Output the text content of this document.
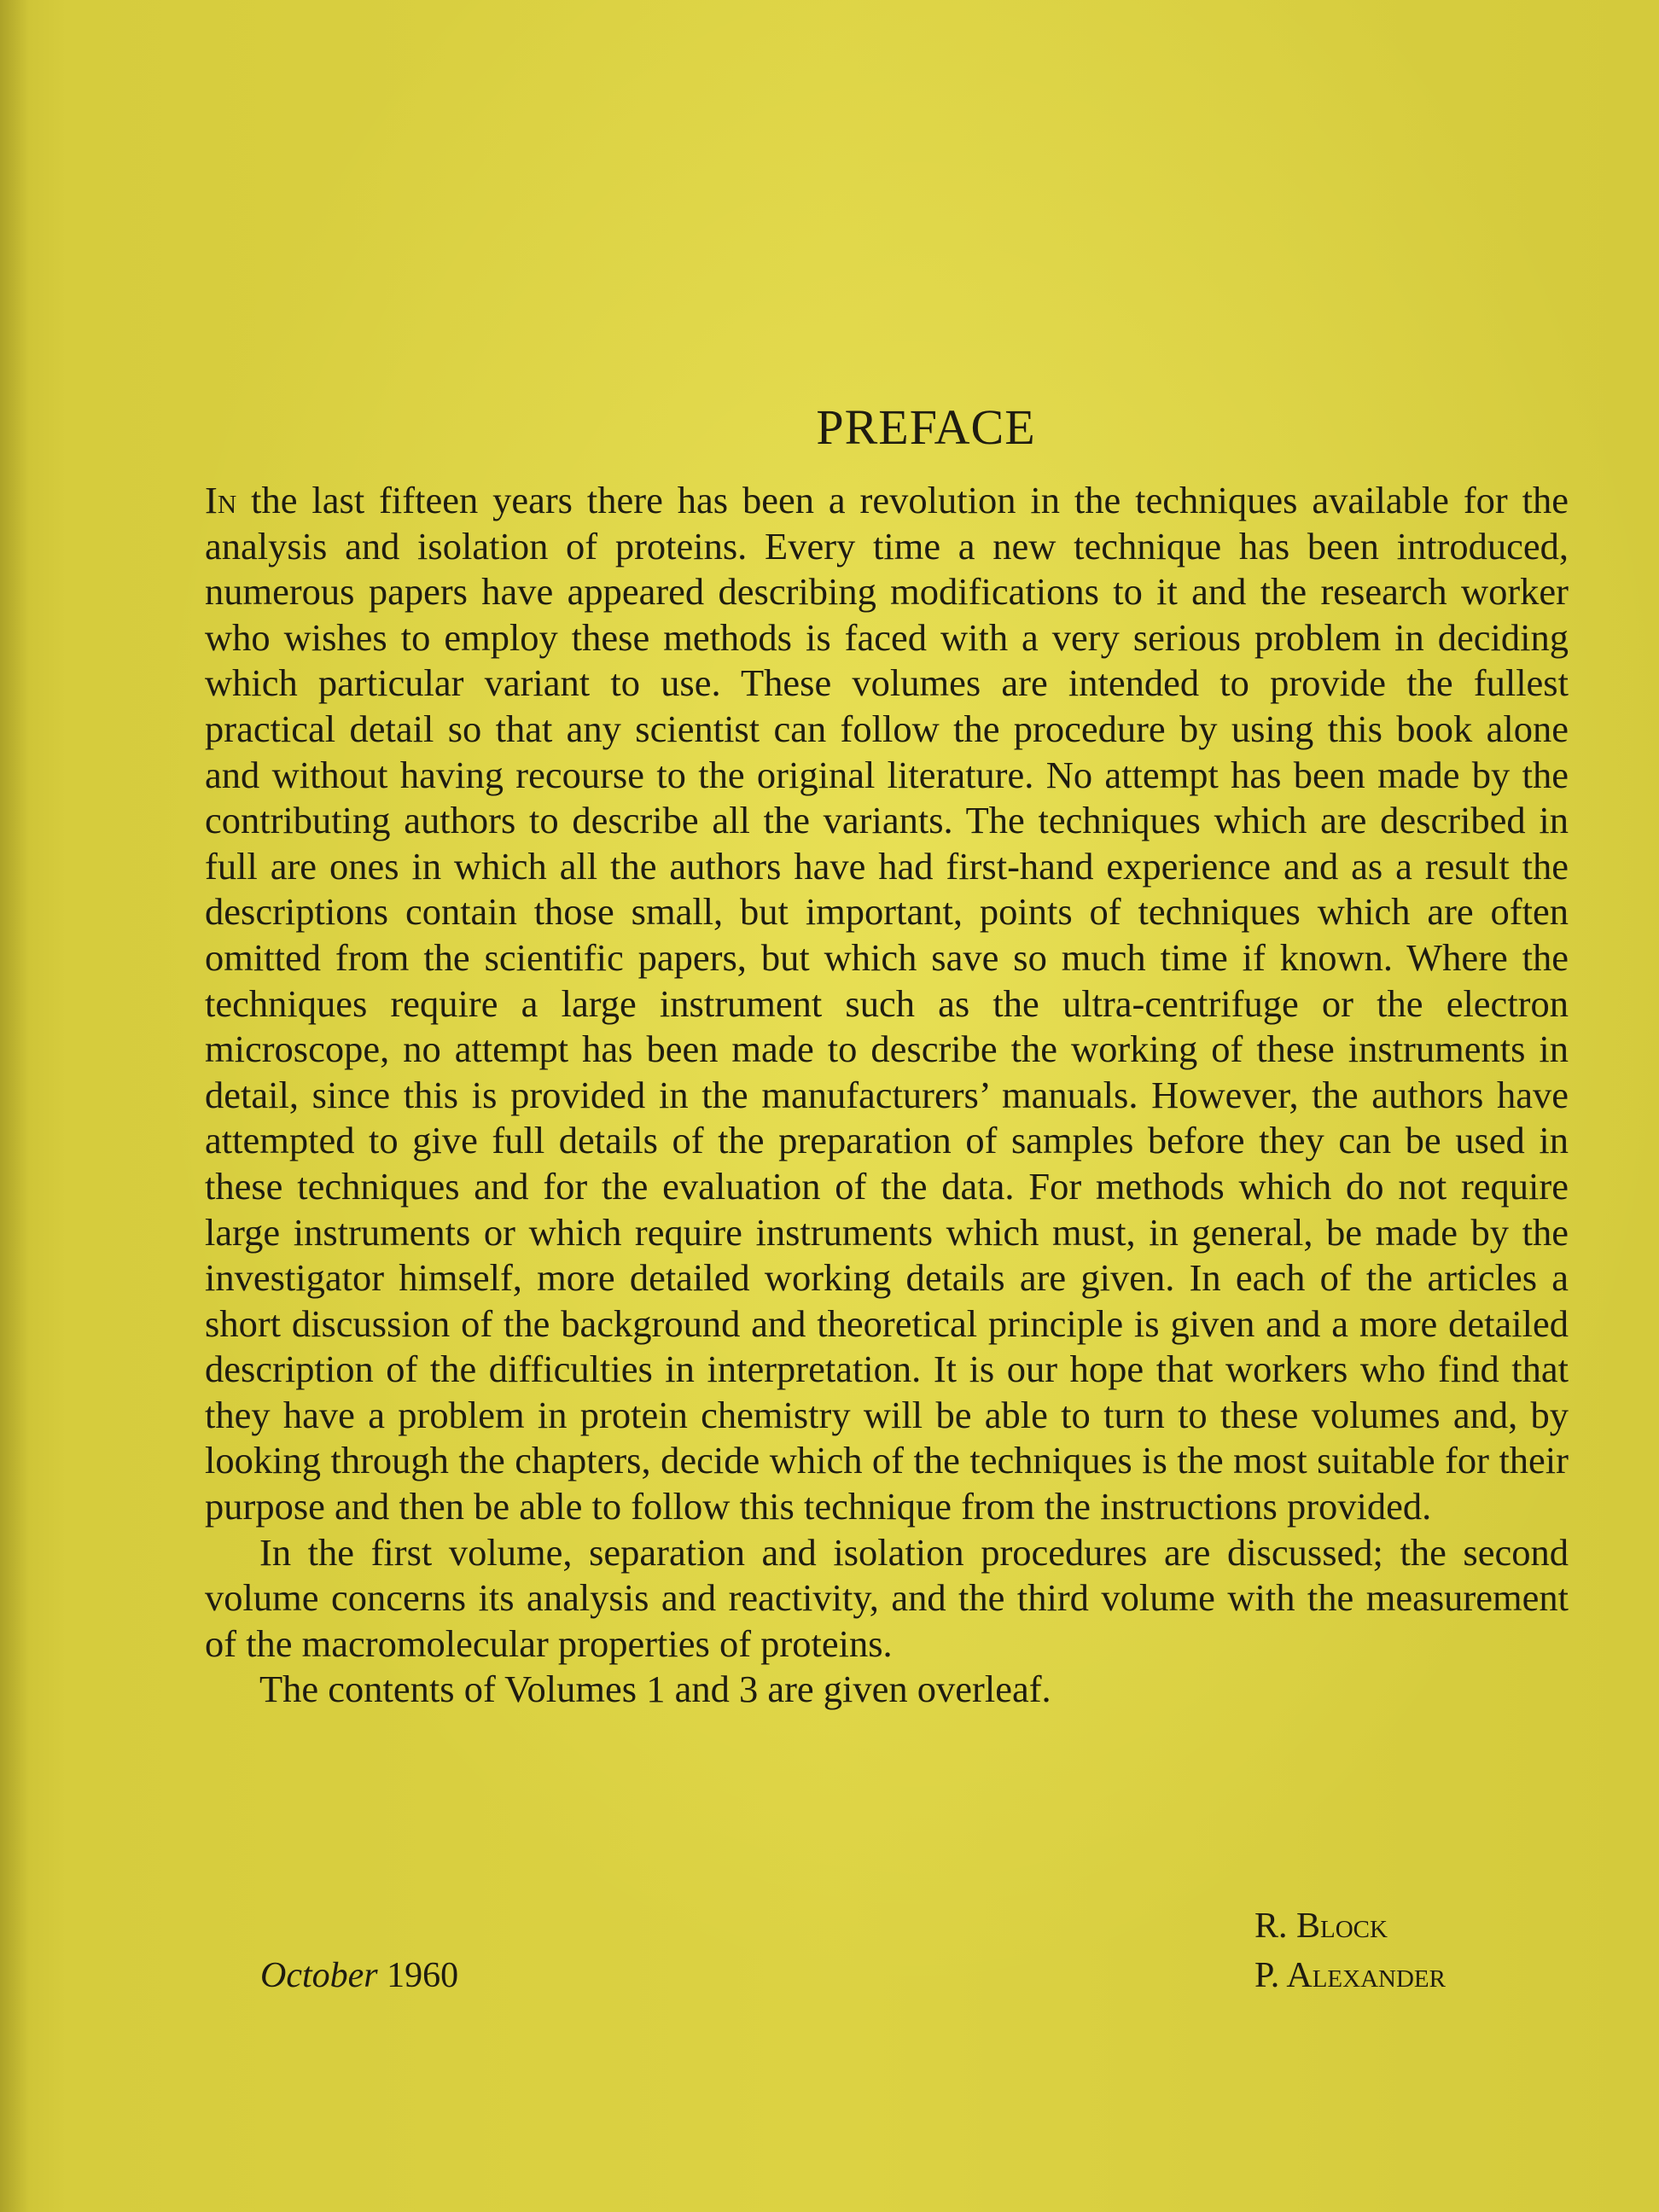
PREFACE

In the last fifteen years there has been a revolution in the techniques available for the analysis and isolation of proteins. Every time a new technique has been introduced, numerous papers have appeared describing modifications to it and the research worker who wishes to employ these methods is faced with a very serious problem in deciding which particular variant to use. These volumes are intended to provide the fullest practical detail so that any scientist can follow the procedure by using this book alone and without having recourse to the original literature. No attempt has been made by the contributing authors to describe all the variants. The techniques which are described in full are ones in which all the authors have had first-hand experience and as a result the descriptions contain those small, but important, points of techniques which are often omitted from the scientific papers, but which save so much time if known. Where the techniques require a large instrument such as the ultra-centrifuge or the electron microscope, no attempt has been made to describe the working of these instruments in detail, since this is provided in the manufacturers’ manuals. However, the authors have attempted to give full details of the preparation of samples before they can be used in these techniques and for the evaluation of the data. For methods which do not require large instruments or which require instruments which must, in general, be made by the investigator himself, more detailed working details are given. In each of the articles a short discussion of the background and theoretical principle is given and a more detailed description of the difficulties in interpretation. It is our hope that workers who find that they have a problem in protein chemistry will be able to turn to these volumes and, by looking through the chapters, decide which of the techniques is the most suitable for their purpose and then be able to follow this technique from the instructions provided.

In the first volume, separation and isolation procedures are discussed; the second volume concerns its analysis and reactivity, and the third volume with the measurement of the macromolecular properties of proteins.

The contents of Volumes 1 and 3 are given overleaf.

R. Block
P. Alexander
October 1960
